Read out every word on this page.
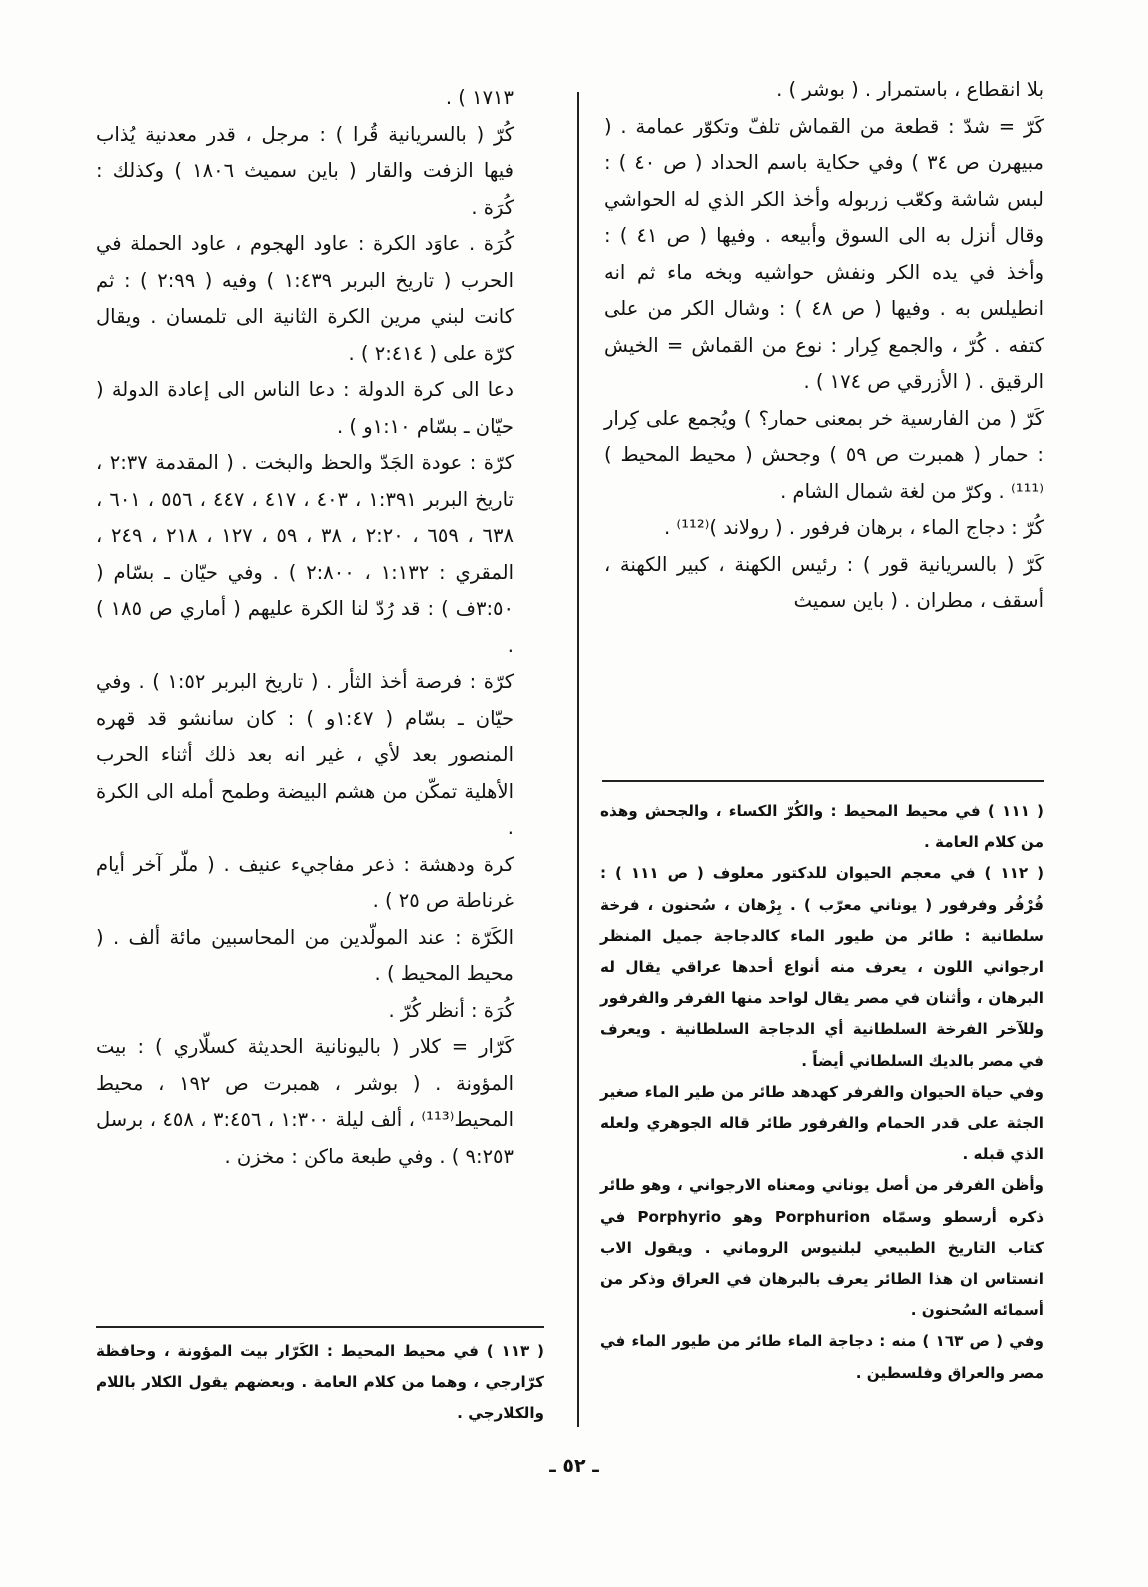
بلا انقطاع ، باستمرار . ( بوشر ) .

كَرّ = شدّ : قطعة من القماش تلفّ وتكوّر عمامة . ( مبيهرن ص ٣٤ ) وفي حكاية باسم الحداد ( ص ٤٠ ) : لبس شاشة وكعّب زربوله وأخذ الكر الذي له الحواشي وقال أنزل به الى السوق وأبيعه . وفيها ( ص ٤١ ) : وأخذ في يده الكر ونفش حواشيه وبخه ماء ثم انه انطيلس به . وفيها ( ص ٤٨ ) : وشال الكر من على كتفه . كُرّ ، والجمع كِرار : نوع من القماش = الخيش الرقيق . ( الأزرقي ص ١٧٤ ) .

كَرّ ( من الفارسية خر بمعنى حمار؟ ) ويُجمع على كِرار : حمار ( همبرت ص ٥٩ ) وجحش ( محيط المحيط )⁽¹¹¹⁾ . وكرّ من لغة شمال الشام .

كُرّ : دجاج الماء ، برهان فرفور . ( رولاند )⁽¹¹²⁾ .

كَرّ ( بالسريانية قور ) : رئيس الكهنة ، كبير الكهنة ، أسقف ، مطران . ( باين سميث

١٧١٣ ) .

كُرّ ( بالسريانية قُرا ) : مرجل ، قدر معدنية يُذاب فيها الزفت والقار ( باين سميث ١٨٠٦ ) وكذلك : كُرَة .

كُرَة . عاوَد الكرة : عاود الهجوم ، عاود الحملة في الحرب ( تاريخ البربر ١:٤٣٩ ) وفيه ( ٢:٩٩ ) : ثم كانت لبني مرين الكرة الثانية الى تلمسان . ويقال كرّة على ( ٢:٤١٤ ) .

دعا الى كرة الدولة : دعا الناس الى إعادة الدولة ( حيّان ـ بسّام ١:١٠و ) .

كرّة : عودة الجَدّ والحظ والبخت . ( المقدمة ٢:٣٧ ، تاريخ البربر ١:٣٩١ ، ٤٠٣ ، ٤١٧ ، ٤٤٧ ، ٥٥٦ ، ٦٠١ ، ٦٣٨ ، ٦٥٩ ، ٢:٢٠ ، ٣٨ ، ٥٩ ، ١٢٧ ، ٢١٨ ، ٢٤٩ ، المقري : ١:١٣٢ ، ٢:٨٠٠ ) . وفي حيّان ـ بسّام ( ٣:٥٠ف ) : قد رُدّ لنا الكرة عليهم ( أماري ص ١٨٥ ) .

كرّة : فرصة أخذ الثأر . ( تاريخ البربر ١:٥٢ ) . وفي حيّان ـ بسّام ( ١:٤٧و ) : كان سانشو قد قهره المنصور بعد لأي ، غير انه بعد ذلك أثناء الحرب الأهلية تمكّن من هشم البيضة وطمح أمله الى الكرة .

كرة ودهشة : ذعر مفاجيء عنيف . ( ملّر آخر أيام غرناطة ص ٢٥ ) .

الكَرّة : عند المولّدين من المحاسبين مائة ألف . ( محيط المحيط ) .

كُرَة : أنظر كُرّ .

كَرّار = كلار ( باليونانية الحديثة كسلّاري ) : بيت المؤونة . ( بوشر ، همبرت ص ١٩٢ ، محيط المحيط⁽¹¹³⁾ ، ألف ليلة ١:٣٠٠ ، ٣:٤٥٦ ، ٤٥٨ ، برسل ٩:٢٥٣ ) . وفي طبعة ماكن : مخزن .

( ١١١ ) في محيط المحيط : والكُرّ الكساء ، والجحش وهذه من كلام العامة .

( ١١٢ ) في معجم الحيوان للدكتور معلوف ( ص ١١١ ) : فُرْفُر وفرفور ( يوناني معرّب ) . بِرْهان ، سُحنون ، فرخة سلطانية : طائر من طيور الماء كالدجاجة جميل المنظر ارجواني اللون ، يعرف منه أنواع أحدها عراقي يقال له البرهان ، وأثنان في مصر يقال لواحد منها الفرفر والفرفور وللآخر الفرخة السلطانية أي الدجاجة السلطانية . ويعرف في مصر بالديك السلطاني أيضاً .

وفي حياة الحيوان والفرفر كهدهد طائر من طير الماء صغير الجثة على قدر الحمام والفرفور طائر قاله الجوهري ولعله الذي قبله .

وأظن الفرفر من أصل يوناني ومعناه الارجواني ، وهو طائر ذكره أرسطو وسمّاه Porphurion وهو Porphyrio في كتاب التاريخ الطبيعي لبلنيوس الروماني . ويقول الاب انستاس ان هذا الطائر يعرف بالبرهان في العراق وذكر من أسمائه السُحنون .

وفي ( ص ١٦٣ ) منه : دجاجة الماء طائر من طيور الماء في مصر والعراق وفلسطين .

( ١١٣ ) في محيط المحيط : الكَرّار بيت المؤونة ، وحافظة كرّارجي ، وهما من كلام العامة . وبعضهم يقول الكلار باللام والكلارجي .

ـ ٥٢ ـ
